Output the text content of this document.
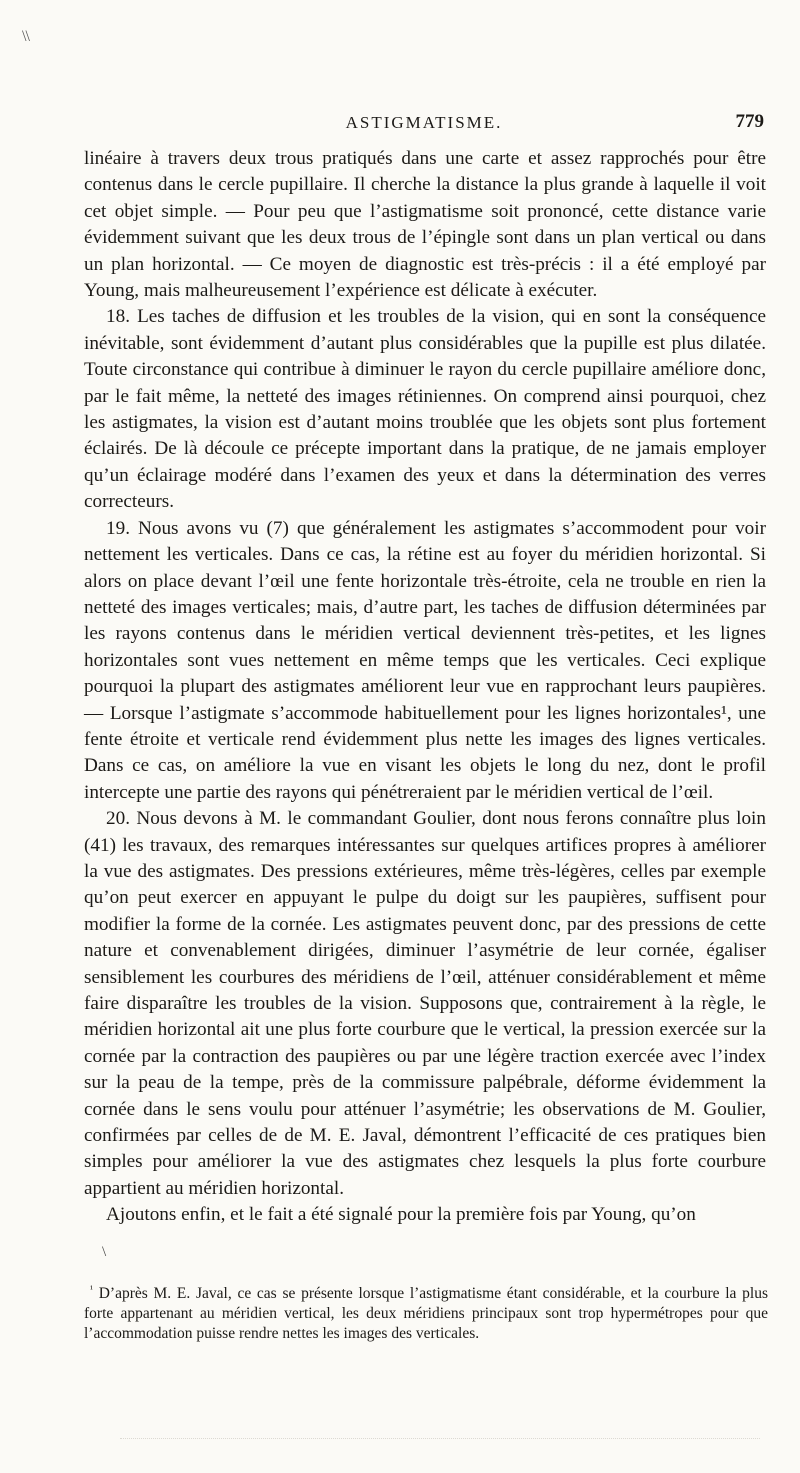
\\
ASTIGMATISME.	779

linéaire à travers deux trous pratiqués dans une carte et assez rapprochés pour être contenus dans le cercle pupillaire. Il cherche la distance la plus grande à laquelle il voit cet objet simple. — Pour peu que l’astigmatisme soit prononcé, cette distance varie évidemment suivant que les deux trous de l’épingle sont dans un plan vertical ou dans un plan horizontal. — Ce moyen de diagnostic est très-précis : il a été employé par Young, mais malheureusement l’expérience est délicate à exécuter.

18. Les taches de diffusion et les troubles de la vision, qui en sont la conséquence inévitable, sont évidemment d’autant plus considérables que la pupille est plus dilatée. Toute circonstance qui contribue à diminuer le rayon du cercle pupillaire améliore donc, par le fait même, la netteté des images rétiniennes. On comprend ainsi pourquoi, chez les astigmates, la vision est d’autant moins troublée que les objets sont plus fortement éclairés. De là découle ce précepte important dans la pratique, de ne jamais employer qu’un éclairage modéré dans l’examen des yeux et dans la détermination des verres correcteurs.

19. Nous avons vu (7) que généralement les astigmates s’accommodent pour voir nettement les verticales. Dans ce cas, la rétine est au foyer du méridien horizontal. Si alors on place devant l’œil une fente horizontale très-étroite, cela ne trouble en rien la netteté des images verticales; mais, d’autre part, les taches de diffusion déterminées par les rayons contenus dans le méridien vertical deviennent très-petites, et les lignes horizontales sont vues nettement en même temps que les verticales. Ceci explique pourquoi la plupart des astigmates améliorent leur vue en rapprochant leurs paupières. — Lorsque l’astigmate s’accommode habituellement pour les lignes horizontales¹, une fente étroite et verticale rend évidemment plus nette les images des lignes verticales. Dans ce cas, on améliore la vue en visant les objets le long du nez, dont le profil intercepte une partie des rayons qui pénétreraient par le méridien vertical de l’œil.

20. Nous devons à M. le commandant Goulier, dont nous ferons connaître plus loin (41) les travaux, des remarques intéressantes sur quelques artifices propres à améliorer la vue des astigmates. Des pressions extérieures, même très-légères, celles par exemple qu’on peut exercer en appuyant le pulpe du doigt sur les paupières, suffisent pour modifier la forme de la cornée. Les astigmates peuvent donc, par des pressions de cette nature et convenablement dirigées, diminuer l’asymétrie de leur cornée, égaliser sensiblement les courbures des méridiens de l’œil, atténuer considérablement et même faire disparaître les troubles de la vision. Supposons que, contrairement à la règle, le méridien horizontal ait une plus forte courbure que le vertical, la pression exercée sur la cornée par la contraction des paupières ou par une légère traction exercée avec l’index sur la peau de la tempe, près de la commissure palpébrale, déforme évidemment la cornée dans le sens voulu pour atténuer l’asymétrie; les observations de M. Goulier, confirmées par celles de de M. E. Javal, démontrent l’efficacité de ces pratiques bien simples pour améliorer la vue des astigmates chez lesquels la plus forte courbure appartient au méridien horizontal.

Ajoutons enfin, et le fait a été signalé pour la première fois par Young, qu’on

\
$^{^1}$ D’après M. E. Javal, ce cas se présente lorsque l’astigmatisme étant considérable, et la courbure la plus forte appartenant au méridien vertical, les deux méridiens principaux sont trop hypermétropes pour que l’accommodation puisse rendre nettes les images des verticales.
